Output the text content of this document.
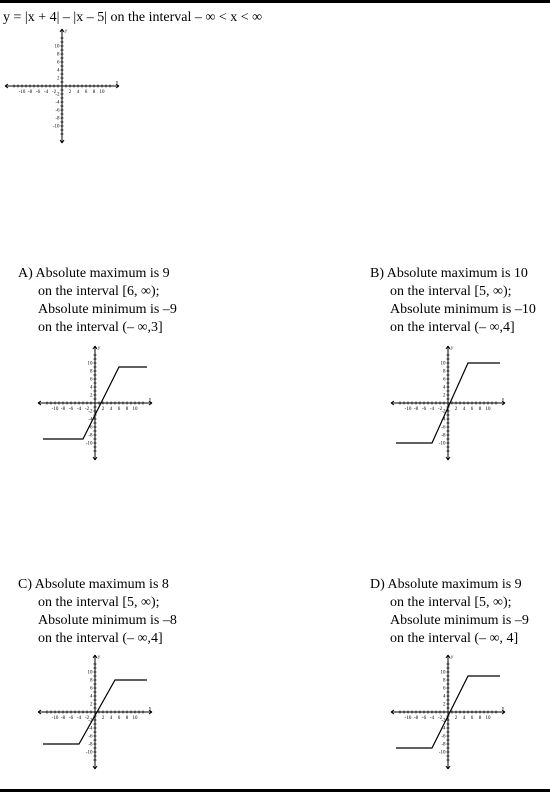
y = |x + 4| – |x – 5| on the interval – ∞ < x < ∞
-10 -8 -6 -4 -2	2 4 6 8 10
10
8
6
4
2
-2
-4
-6
-8
-10
x
y
A) Absolute maximum is 9
on the interval [6, ∞);
Absolute minimum is –9
on the interval (– ∞,3]
-10 -8 -6 -4 -2	2 4 6 8 10
10
8
6
4
2
-2
-4
-6
-8
-10
x
y
B) Absolute maximum is 10
on the interval [5, ∞);
Absolute minimum is –10
on the interval (– ∞,4]
-10 -8 -6 -4 -2	2 4 6 8 10
10
8
6
4
2
-2
-4
-6
-8
-10
x
y
C) Absolute maximum is 8
on the interval [5, ∞);
Absolute minimum is –8
on the interval (– ∞,4]
-10 -8 -6 -4 -2	2 4 6 8 10
10
8
6
4
2
-2
-4
-6
-8
-10
x
y
D) Absolute maximum is 9
on the interval [5, ∞);
Absolute minimum is –9
on the interval (– ∞, 4]
-10 -8 -6 -4 -2	2 4 6 8 10
10
8
6
4
2
-2
-4
-6
-8
-10
x
y
